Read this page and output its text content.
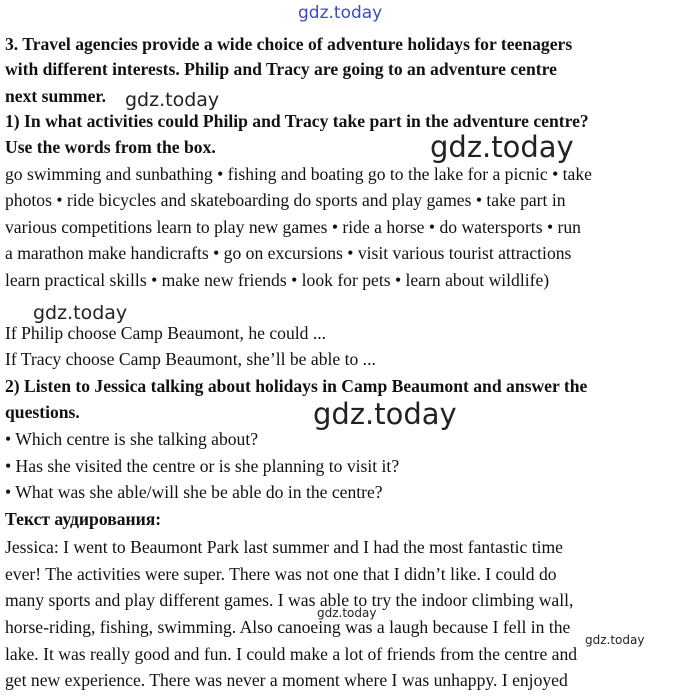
3. Travel agencies provide a wide choice of adventure holidays for teenagers
with different interests. Philip and Tracy are going to an adventure centre
next summer.
1) In what activities could Philip and Tracy take part in the adventure centre?
Use the words from the box.
go swimming and sunbathing • fishing and boating go to the lake for a picnic • take
photos • ride bicycles and skateboarding do sports and play games • take part in
various competitions learn to play new games • ride a horse • do watersports • run
a marathon make handicrafts • go on excursions • visit various tourist attractions
learn practical skills • make new friends • look for pets • learn about wildlife)
If Philip choose Camp Beaumont, he could ...
If Tracy choose Camp Beaumont, she’ll be able to ...
2) Listen to Jessica talking about holidays in Camp Beaumont and answer the
questions.
• Which centre is she talking about?
• Has she visited the centre or is she planning to visit it?
• What was she able/will she be able do in the centre?
Текст аудирования:
Jessica: I went to Beaumont Park last summer and I had the most fantastic time
ever! The activities were super. There was not one that I didn’t like. I could do
many sports and play different games. I was able to try the indoor climbing wall,
horse-riding, fishing, swimming. Also canoeing was a laugh because I fell in the
lake. It was really good and fun. I could make a lot of friends from the centre and
get new experience. There was never a moment where I was unhappy. I enjoyed
gdz.today
gdz.today
gdz.today
gdz.today
gdz.today
gdz.today
gdz.today
